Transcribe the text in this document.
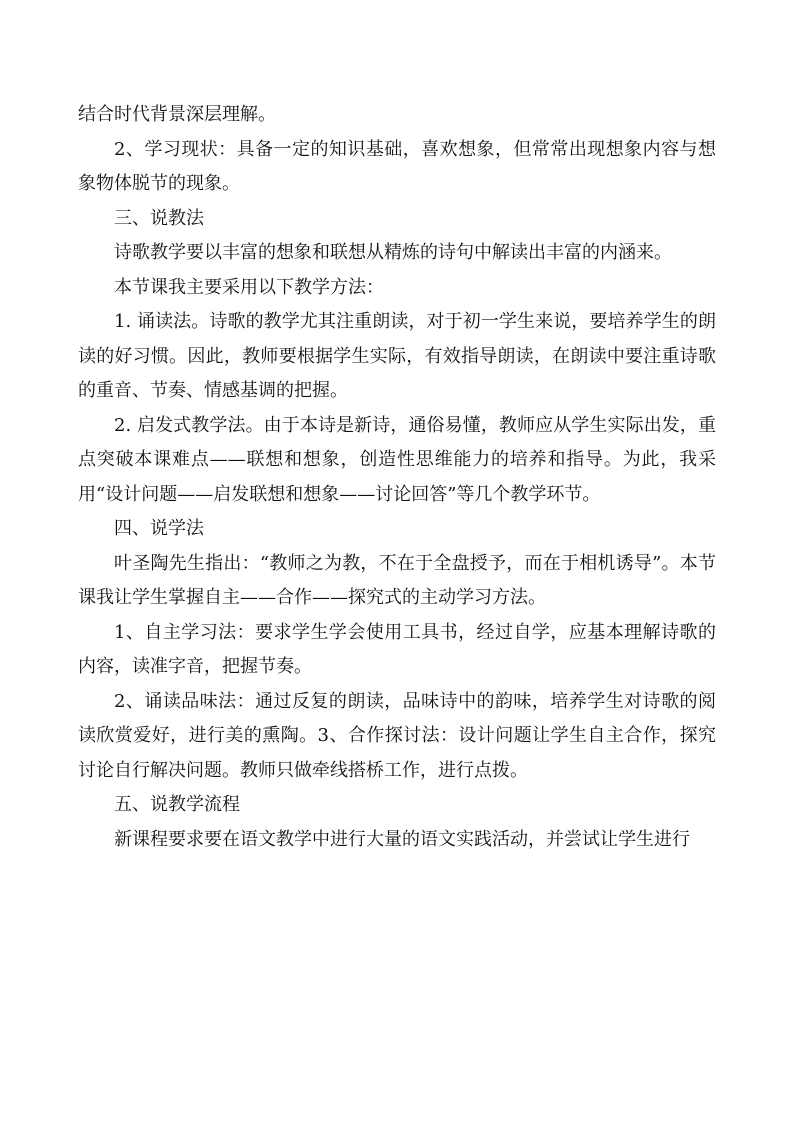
结合时代背景深层理解。

2、学习现状：具备一定的知识基础，喜欢想象，但常常出现想象内容与想象物体脱节的现象。

三、说教法

诗歌教学要以丰富的想象和联想从精炼的诗句中解读出丰富的内涵来。

本节课我主要采用以下教学方法：

1. 诵读法。诗歌的教学尤其注重朗读，对于初一学生来说，要培养学生的朗读的好习惯。因此，教师要根据学生实际，有效指导朗读，在朗读中要注重诗歌的重音、节奏、情感基调的把握。

2. 启发式教学法。由于本诗是新诗，通俗易懂，教师应从学生实际出发，重点突破本课难点——联想和想象，创造性思维能力的培养和指导。为此，我采用“设计问题——启发联想和想象——讨论回答”等几个教学环节。

四、说学法

叶圣陶先生指出：“教师之为教，不在于全盘授予，而在于相机诱导”。本节课我让学生掌握自主——合作——探究式的主动学习方法。

1、自主学习法：要求学生学会使用工具书，经过自学，应基本理解诗歌的内容，读准字音，把握节奏。

2、诵读品味法：通过反复的朗读，品味诗中的韵味，培养学生对诗歌的阅读欣赏爱好，进行美的熏陶。3、合作探讨法：设计问题让学生自主合作，探究讨论自行解决问题。教师只做牵线搭桥工作，进行点拨。

五、说教学流程

新课程要求要在语文教学中进行大量的语文实践活动，并尝试让学生进行
